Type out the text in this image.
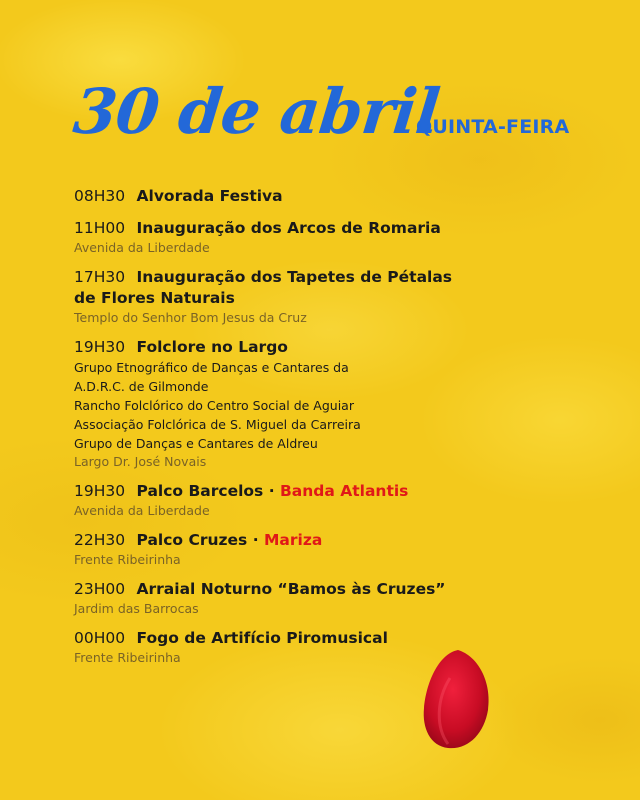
30 de abril
QUINTA-FEIRA
08H30 Alvorada Festiva
11H00 Inauguração dos Arcos de Romaria
Avenida da Liberdade
17H30 Inauguração dos Tapetes de Pétalas
de Flores Naturais
Templo do Senhor Bom Jesus da Cruz
19H30 Folclore no Largo
Grupo Etnográfico de Danças e Cantares da
A.D.R.C. de Gilmonde
Rancho Folclórico do Centro Social de Aguiar
Associação Folclórica de S. Miguel da Carreira
Grupo de Danças e Cantares de Aldreu
Largo Dr. José Novais
19H30 Palco Barcelos · Banda Atlantis
Avenida da Liberdade
22H30 Palco Cruzes · Mariza
Frente Ribeirinha
23H00 Arraial Noturno “Bamos às Cruzes”
Jardim das Barrocas
00H00 Fogo de Artifício Piromusical
Frente Ribeirinha
